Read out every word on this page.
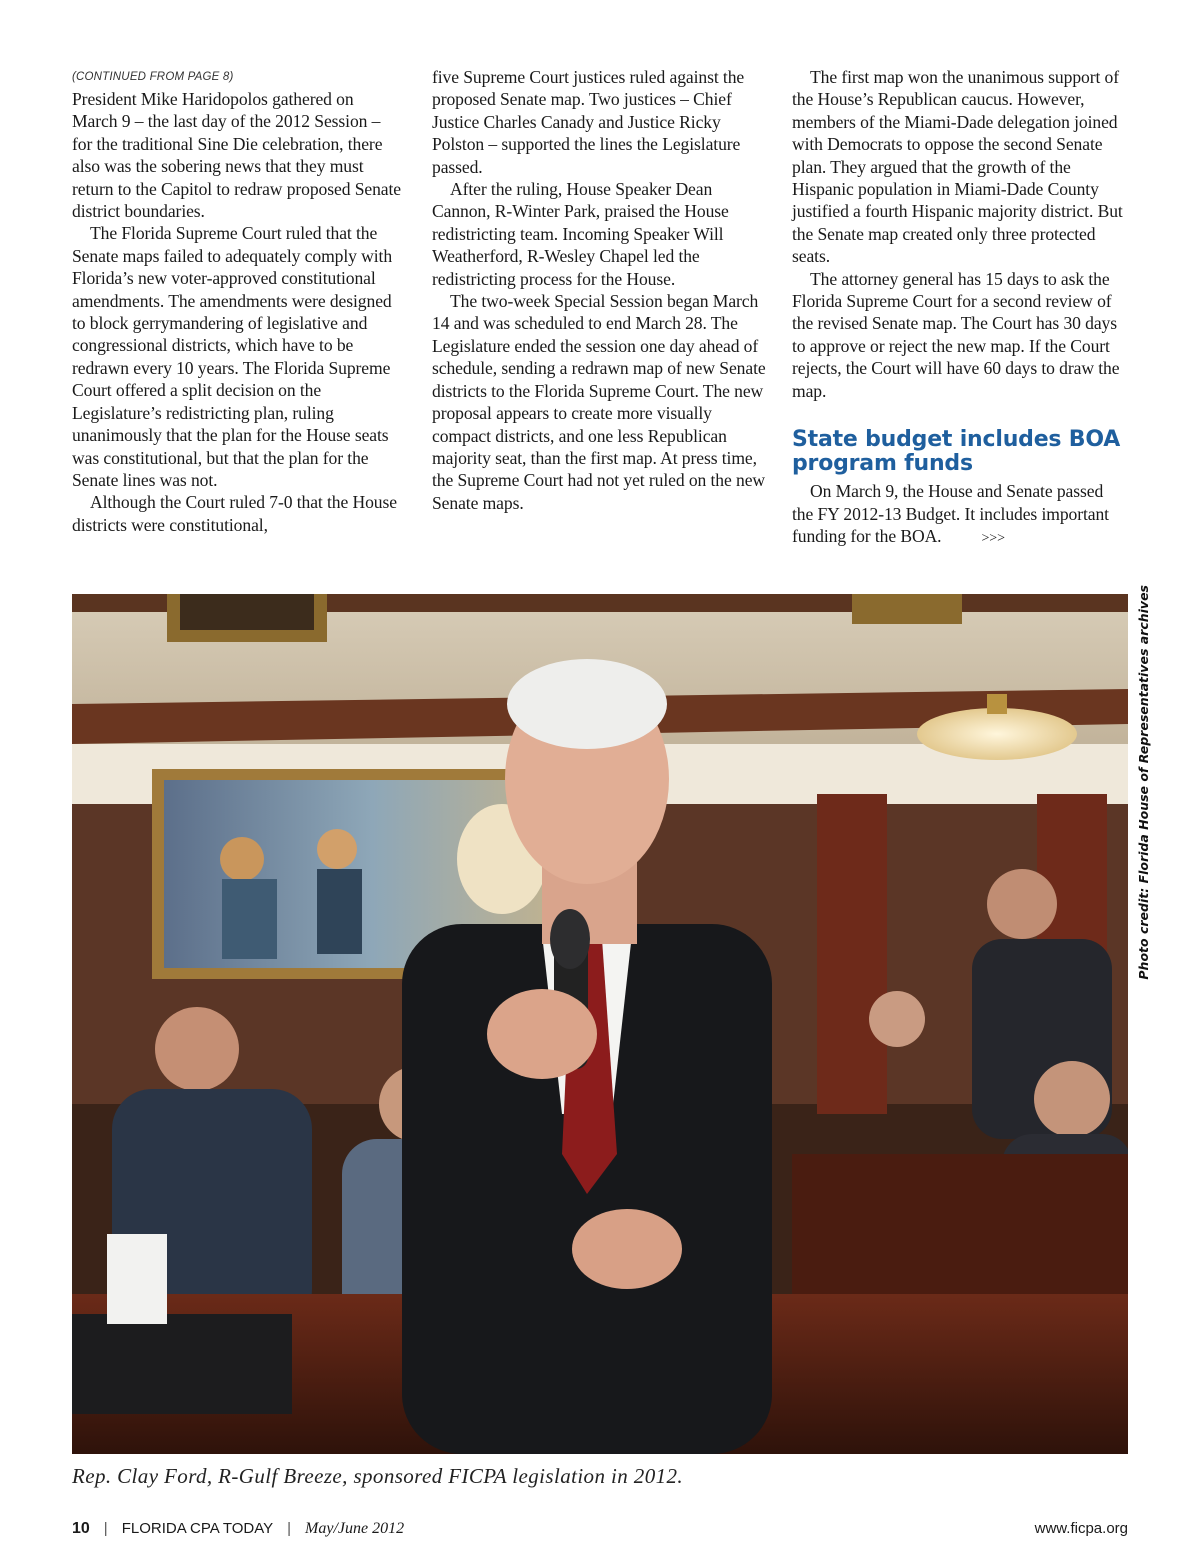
(CONTINUED FROM PAGE 8)

President Mike Haridopolos gathered on March 9 – the last day of the 2012 Session – for the traditional Sine Die celebration, there also was the sobering news that they must return to the Capitol to redraw proposed Senate district boundaries.

The Florida Supreme Court ruled that the Senate maps failed to adequately comply with Florida’s new voter-approved constitutional amendments. The amendments were designed to block gerrymandering of legislative and congressional districts, which have to be redrawn every 10 years. The Florida Supreme Court offered a split decision on the Legislature’s redistricting plan, ruling unanimously that the plan for the House seats was constitutional, but that the plan for the Senate lines was not.

Although the Court ruled 7-0 that the House districts were constitutional,

five Supreme Court justices ruled against the proposed Senate map. Two justices – Chief Justice Charles Canady and Justice Ricky Polston – supported the lines the Legislature passed.

After the ruling, House Speaker Dean Cannon, R-Winter Park, praised the House redistricting team. Incoming Speaker Will Weatherford, R-Wesley Chapel led the redistricting process for the House.

The two-week Special Session began March 14 and was scheduled to end March 28. The Legislature ended the session one day ahead of schedule, sending a redrawn map of new Senate districts to the Florida Supreme Court. The new proposal appears to create more visually compact districts, and one less Republican majority seat, than the first map. At press time, the Supreme Court had not yet ruled on the new Senate maps.

The first map won the unanimous support of the House’s Republican caucus. However, members of the Miami-Dade delegation joined with Democrats to oppose the second Senate plan. They argued that the growth of the Hispanic population in Miami-Dade County justified a fourth Hispanic majority district. But the Senate map created only three protected seats.

The attorney general has 15 days to ask the Florida Supreme Court for a second review of the revised Senate map. The Court has 30 days to approve or reject the new map. If the Court rejects, the Court will have 60 days to draw the map.

State budget includes BOA program funds

On March 9, the House and Senate passed the FY 2012-13 Budget. It includes important funding for the BOA.	>>>

Photo credit: Florida House of Representatives archives
Rep. Clay Ford, R-Gulf Breeze, sponsored FICPA legislation in 2012.
10 | FLORIDA CPA TODAY | May/June 2012	www.ficpa.org
